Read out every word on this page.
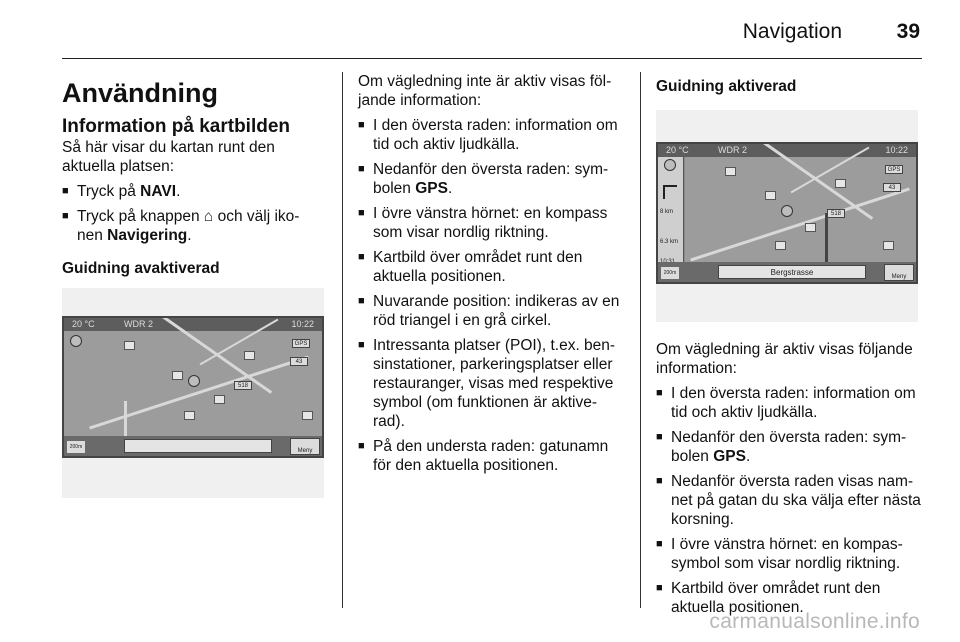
Navigation	39
Användning
Information på kartbilden

Så här visar du kartan runt den aktuella platsen:

■ Tryck på NAVI.
■ Tryck på knappen ⌂ och välj iko-nen Navigering.
Guidning avaktiverad
20 °C	WDR 2	10:22
GPS
43
518
200m
Meny

Om vägledning inte är aktiv visas föl-jande information:

■ I den översta raden: information om tid och aktiv ljudkälla.
■ Nedanför den översta raden: sym-bolen GPS.
■ I övre vänstra hörnet: en kompass som visar nordlig riktning.
■ Kartbild över området runt den aktuella positionen.
■ Nuvarande position: indikeras av en röd triangel i en grå cirkel.
■ Intressanta platser (POI), t.ex. ben-sinstationer, parkeringsplatser eller restauranger, visas med respektive symbol (om funktionen är aktive-rad).
■ På den understa raden: gatunamn för den aktuella positionen.
Guidning aktiverad
20 °C	WDR 2	10:22
GPS
43
518
8 km
6.3 km
200m	Bergstrasse	Meny

Om vägledning är aktiv visas följande information:

■ I den översta raden: information om tid och aktiv ljudkälla.
■ Nedanför den översta raden: sym-bolen GPS.
■ Nedanför översta raden visas nam-net på gatan du ska välja efter nästa korsning.
■ I övre vänstra hörnet: en kompas-symbol som visar nordlig riktning.
■ Kartbild över området runt den aktuella positionen.
carmanualsonline.info
